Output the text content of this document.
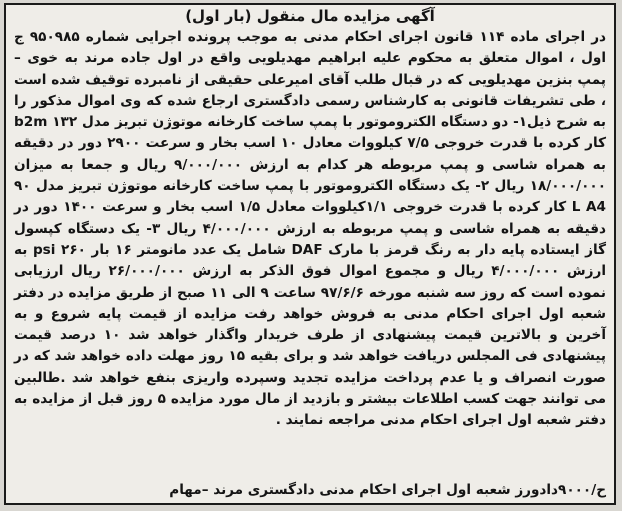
آگهی مزایده مال منقول (بار اول)

در اجرای ماده ۱۱۴ قانون اجرای احکام مدنی به موجب پرونده اجرایی شماره ۹۵۰۹۸۵ ج اول ، اموال متعلق به محکوم علیه ابراهیم مهدیلویی واقع در اول جاده مرند به خوی – پمپ بنزین مهدیلویی که در قبال طلب آقای امیرعلی حقیقی از نامبرده توقیف شده است ، طی تشریفات قانونی به کارشناس رسمی دادگستری ارجاع شده که وی اموال مذکور را به شرح ذیل۱- دو دستگاه الکتروموتور با پمپ ساخت کارخانه موتوژن تبریز مدل b2m ۱۳۲ کار کرده با قدرت خروجی ۷/۵ کیلووات معادل ۱۰ اسب بخار و سرعت ۲۹۰۰ دور در دقیقه به همراه شاسی و پمپ مربوطه هر کدام به ارزش ۹/۰۰۰/۰۰۰ ریال و جمعا به میزان ۱۸/۰۰۰/۰۰۰ ریال ۲- یک دستگاه الکتروموتور با پمپ ساخت کارخانه موتوژن تبریز مدل ۹۰ L A4 کار کرده با قدرت خروجی ۱/۱کیلووات معادل ۱/۵ اسب بخار و سرعت ۱۴۰۰ دور در دقیقه به همراه شاسی و پمپ مربوطه به ارزش ۴/۰۰۰/۰۰۰ ریال ۳- یک دستگاه کپسول گاز ایستاده پایه دار به رنگ قرمز با مارک DAF شامل یک عدد مانومتر ۱۶ بار psi ۲۶۰ به ارزش ۴/۰۰۰/۰۰۰ ریال و مجموع اموال فوق الذکر به ارزش ۲۶/۰۰۰/۰۰۰ ریال ارزیابی نموده است که روز سه شنبه مورخه ۹۷/۶/۶ ساعت ۹ الی ۱۱ صبح از طریق مزایده در دفتر شعبه اول اجرای احکام مدنی به فروش خواهد رفت مزایده از قیمت پایه شروع و به آخرین و بالاترین قیمت پیشنهادی از طرف خریدار واگذار خواهد شد ۱۰ درصد قیمت پیشنهادی فی المجلس دریافت خواهد شد و برای بقیه ۱۵ روز مهلت داده خواهد شد که در صورت انصراف و یا عدم پرداخت مزایده تجدید وسپرده واریزی بنفع خواهد شد .طالبین می توانند جهت کسب اطلاعات بیشتر و بازدید از مال مورد مزایده ۵ روز قبل از مزایده به دفتر شعبه اول اجرای احکام مدنی مراجعه نمایند .

ح/۹۰۰۰دادورز شعبه اول اجرای احکام مدنی دادگستری مرند –مهام
